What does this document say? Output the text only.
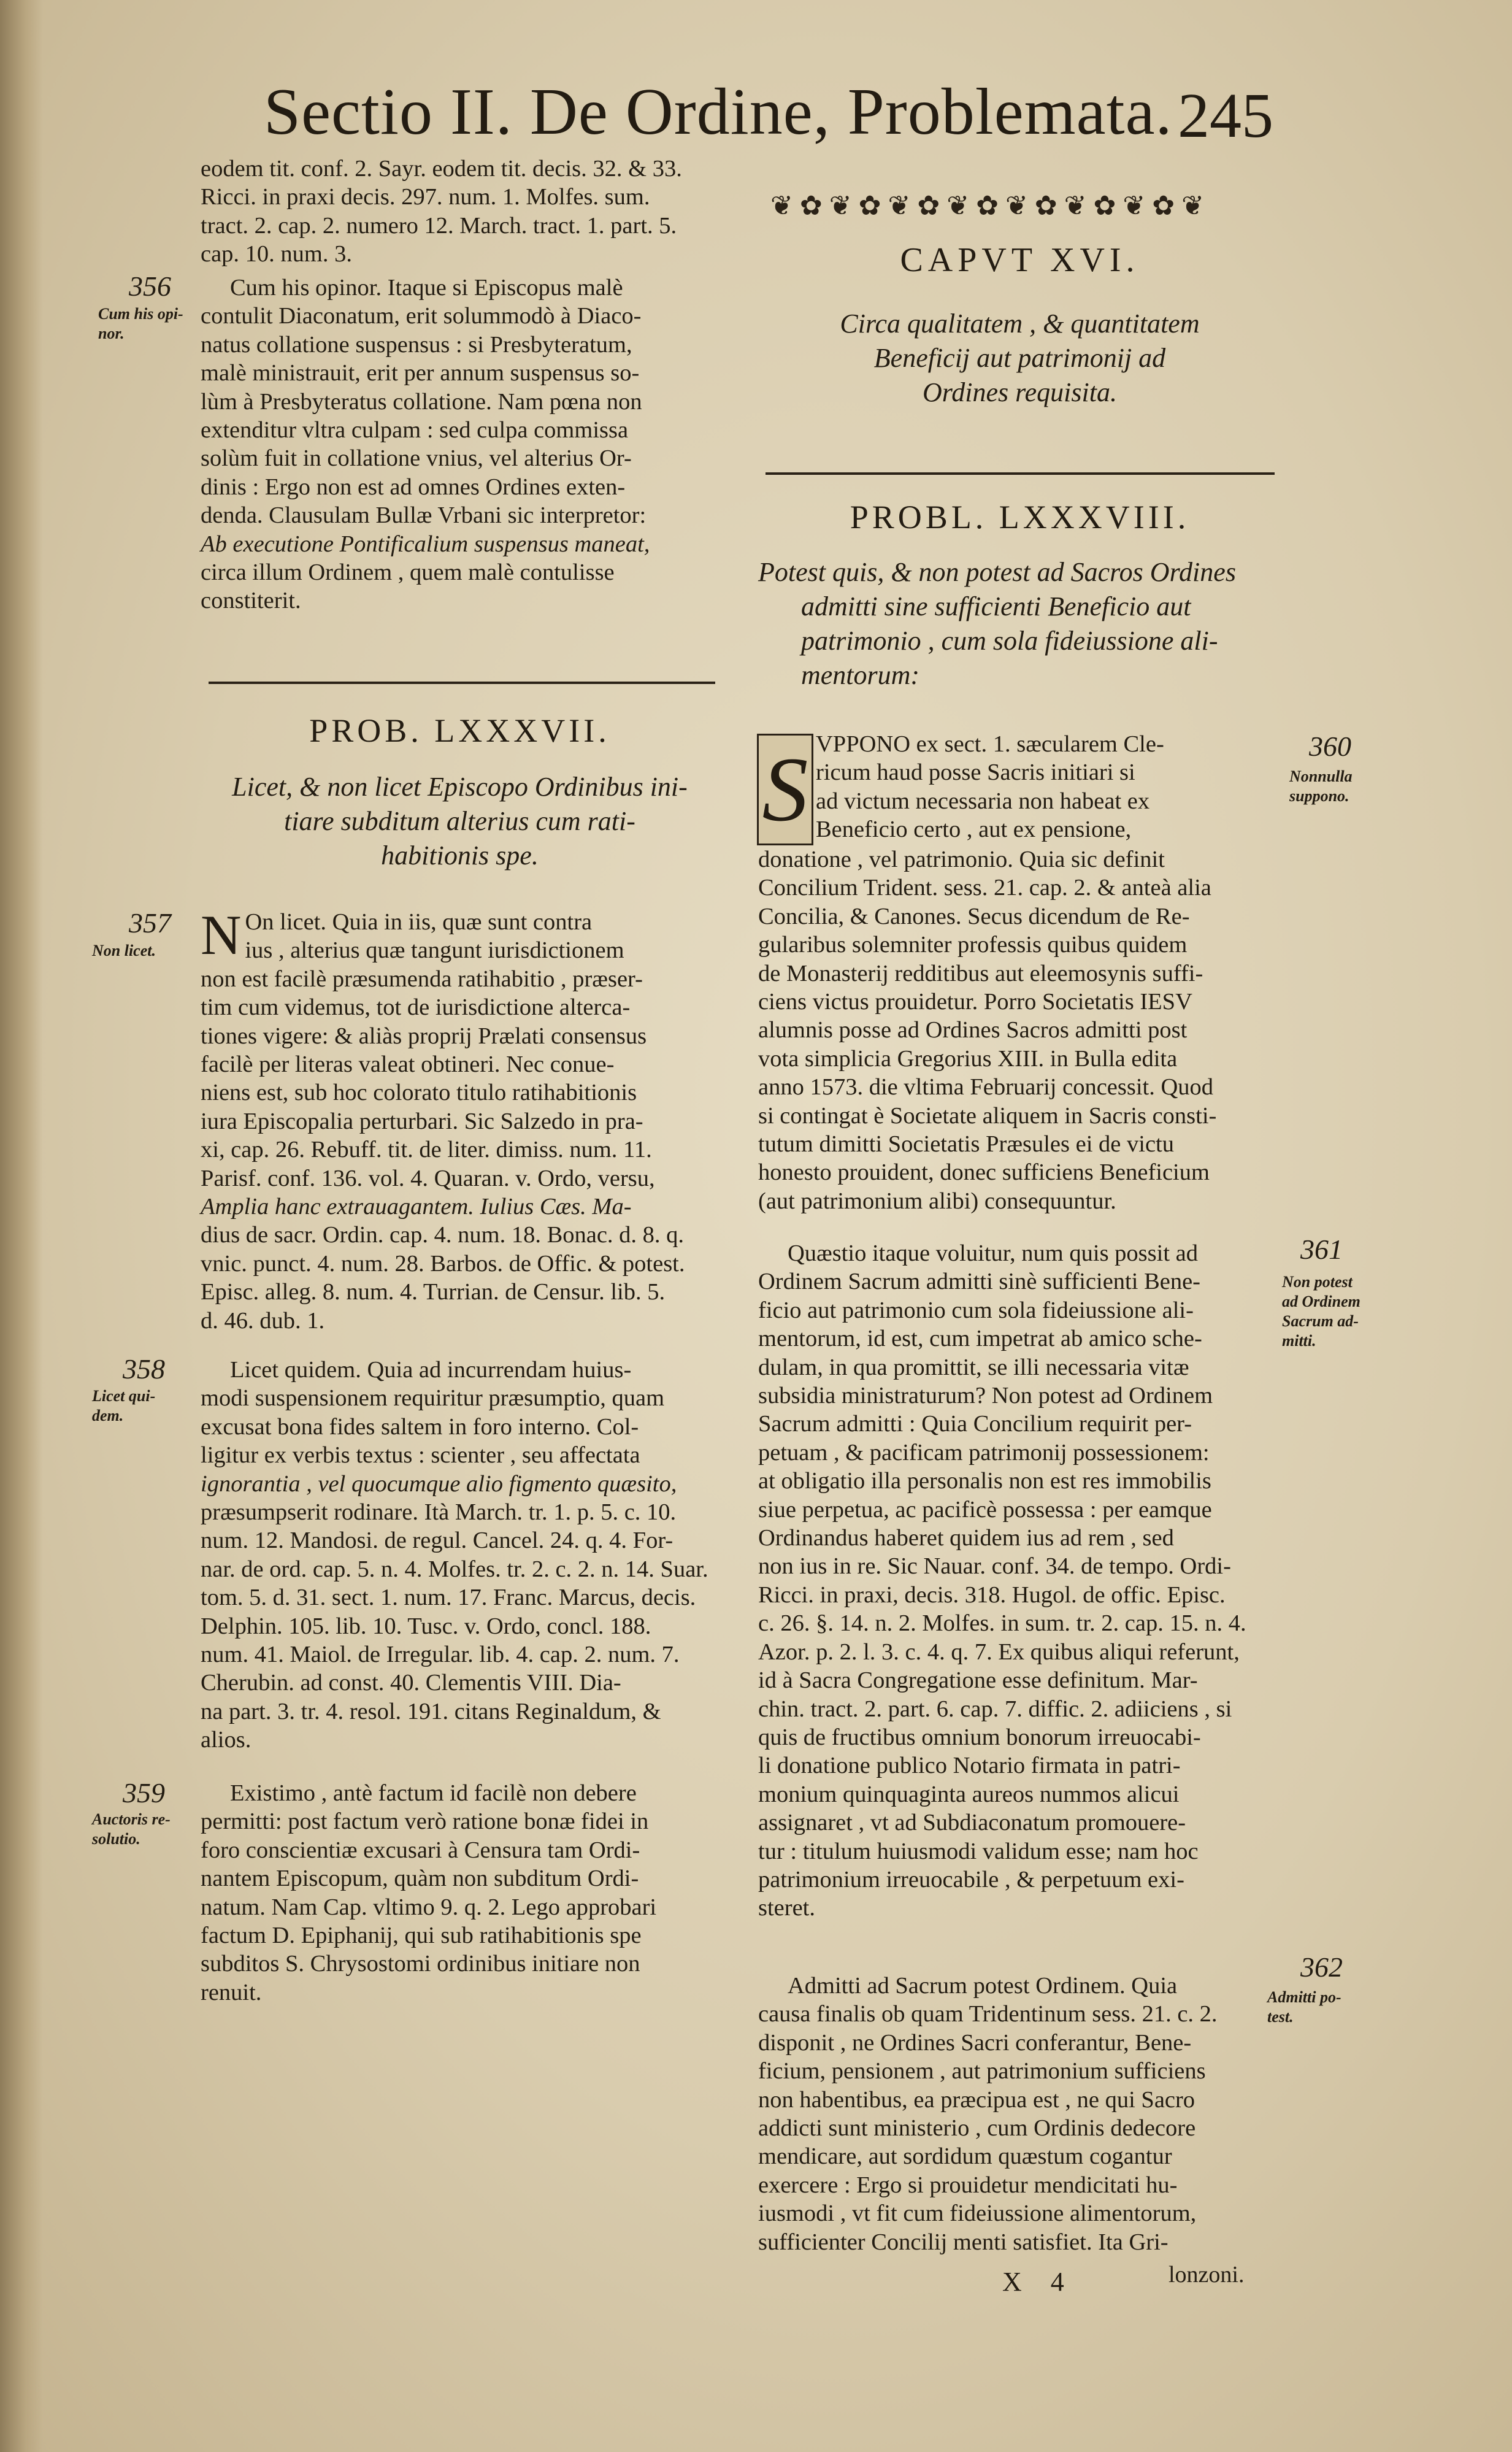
Sectio II. De Ordine, Problemata. 245

eodem tit. conf. 2. Sayr. eodem tit. decis. 32. & 33.

Ricci. in praxi decis. 297. num. 1. Molfes. sum.

tract. 2. cap. 2. numero 12. March. tract. 1. part. 5.

cap. 10. num. 3.

356
Cum his opi-
nor.

Cum his opinor. Itaque si Episcopus malè

contulit Diaconatum, erit solummodò à Diaco-

natus collatione suspensus : si Presbyteratum,

malè ministrauit, erit per annum suspensus so-

lùm à Presbyteratus collatione. Nam pœna non

extenditur vltra culpam : sed culpa commissa

solùm fuit in collatione vnius, vel alterius Or-

dinis : Ergo non est ad omnes Ordines exten-

denda. Clausulam Bullæ Vrbani sic interpretor:

Ab executione Pontificalium suspensus maneat,

circa illum Ordinem , quem malè contulisse

constiterit.

PROB. LXXXVII.
Licet, & non licet Episcopo Ordinibus ini-
tiare subditum alterius cum rati-
habitionis spe.
357
Non licet. N On licet. Quia in iis, quæ sunt contra

ius , alterius quæ tangunt iurisdictionem

non est facilè præsumenda ratihabitio , præser-

tim cum videmus, tot de iurisdictione alterca-

tiones vigere: & aliàs proprij Prælati consensus

facilè per literas valeat obtineri. Nec conue-

niens est, sub hoc colorato titulo ratihabitionis

iura Episcopalia perturbari. Sic Salzedo in pra-

xi, cap. 26. Rebuff. tit. de liter. dimiss. num. 11.

Parisf. conf. 136. vol. 4. Quaran. v. Ordo, versu,

Amplia hanc extrauagantem. Iulius Cæs. Ma-

dius de sacr. Ordin. cap. 4. num. 18. Bonac. d. 8. q.

vnic. punct. 4. num. 28. Barbos. de Offic. & potest.

Episc. alleg. 8. num. 4. Turrian. de Censur. lib. 5.

d. 46. dub. 1.

358
Licet qui-
dem.

Licet quidem. Quia ad incurrendam huius-

modi suspensionem requiritur præsumptio, quam

excusat bona fides saltem in foro interno. Col-

ligitur ex verbis textus : scienter , seu affectata

ignorantia , vel quocumque alio figmento quæsito,

præsumpserit rodinare. Ità March. tr. 1. p. 5. c. 10.

num. 12. Mandosi. de regul. Cancel. 24. q. 4. For-

nar. de ord. cap. 5. n. 4. Molfes. tr. 2. c. 2. n. 14. Suar.

tom. 5. d. 31. sect. 1. num. 17. Franc. Marcus, decis.

Delphin. 105. lib. 10. Tusc. v. Ordo, concl. 188.

num. 41. Maiol. de Irregular. lib. 4. cap. 2. num. 7.

Cherubin. ad const. 40. Clementis VIII. Dia-

na part. 3. tr. 4. resol. 191. citans Reginaldum, &

alios.

359
Auctoris re-
solutio.

Existimo , antè factum id facilè non debere

permitti: post factum verò ratione bonæ fidei in

foro conscientiæ excusari à Censura tam Ordi-

nantem Episcopum, quàm non subditum Ordi-

natum. Nam Cap. vltimo 9. q. 2. Lego approbari

factum D. Epiphanij, qui sub ratihabitionis spe

subditos S. Chrysostomi ordinibus initiare non

renuit.

❦ ✿ ❦ ✿ ❦ ✿ ❦ ✿ ❦ ✿ ❦ ✿ ❦ ✿ ❦
CAPVT XVI.
Circa qualitatem , & quantitatem
Beneficij aut patrimonij ad
Ordines requisita.
PROBL. LXXXVIII.
Potest quis, & non potest ad Sacros Ordines
admitti sine sufficienti Beneficio aut
patrimonio , cum sola fideiussione ali-
mentorum:
360
Nonnulla
suppono.
S VPPONO ex sect. 1. sæcularem Cle-

ricum haud posse Sacris initiari si

ad victum necessaria non habeat ex

Beneficio certo , aut ex pensione,

donatione , vel patrimonio. Quia sic definit

Concilium Trident. sess. 21. cap. 2. & anteà alia

Concilia, & Canones. Secus dicendum de Re-

gularibus solemniter professis quibus quidem

de Monasterij redditibus aut eleemosynis suffi-

ciens victus prouidetur. Porro Societatis IESV

alumnis posse ad Ordines Sacros admitti post

vota simplicia Gregorius XIII. in Bulla edita

anno 1573. die vltima Februarij concessit. Quod

si contingat è Societate aliquem in Sacris consti-

tutum dimitti Societatis Præsules ei de victu

honesto prouident, donec sufficiens Beneficium

(aut patrimonium alibi) consequuntur.

361
Non potest
ad Ordinem
Sacrum ad-
mitti.

Quæstio itaque voluitur, num quis possit ad

Ordinem Sacrum admitti sinè sufficienti Bene-

ficio aut patrimonio cum sola fideiussione ali-

mentorum, id est, cum impetrat ab amico sche-

dulam, in qua promittit, se illi necessaria vitæ

subsidia ministraturum? Non potest ad Ordinem

Sacrum admitti : Quia Concilium requirit per-

petuam , & pacificam patrimonij possessionem:

at obligatio illa personalis non est res immobilis

siue perpetua, ac pacificè possessa : per eamque

Ordinandus haberet quidem ius ad rem , sed

non ius in re. Sic Nauar. conf. 34. de tempo. Ordi-

Ricci. in praxi, decis. 318. Hugol. de offic. Episc.

c. 26. §. 14. n. 2. Molfes. in sum. tr. 2. cap. 15. n. 4.

Azor. p. 2. l. 3. c. 4. q. 7. Ex quibus aliqui referunt,

id à Sacra Congregatione esse definitum. Mar-

chin. tract. 2. part. 6. cap. 7. diffic. 2. adiiciens , si

quis de fructibus omnium bonorum irreuocabi-

li donatione publico Notario firmata in patri-

monium quinquaginta aureos nummos alicui

assignaret , vt ad Subdiaconatum promouere-

tur : titulum huiusmodi validum esse; nam hoc

patrimonium irreuocabile , & perpetuum exi-

steret.

362
Admitti po-
test.

Admitti ad Sacrum potest Ordinem. Quia

causa finalis ob quam Tridentinum sess. 21. c. 2.

disponit , ne Ordines Sacri conferantur, Bene-

ficium, pensionem , aut patrimonium sufficiens

non habentibus, ea præcipua est , ne qui Sacro

addicti sunt ministerio , cum Ordinis dedecore

mendicare, aut sordidum quæstum cogantur

exercere : Ergo si prouidetur mendicitati hu-

iusmodi , vt fit cum fideiussione alimentorum,

sufficienter Concilij menti satisfiet. Ita Gri-

X 4	lonzoni.
